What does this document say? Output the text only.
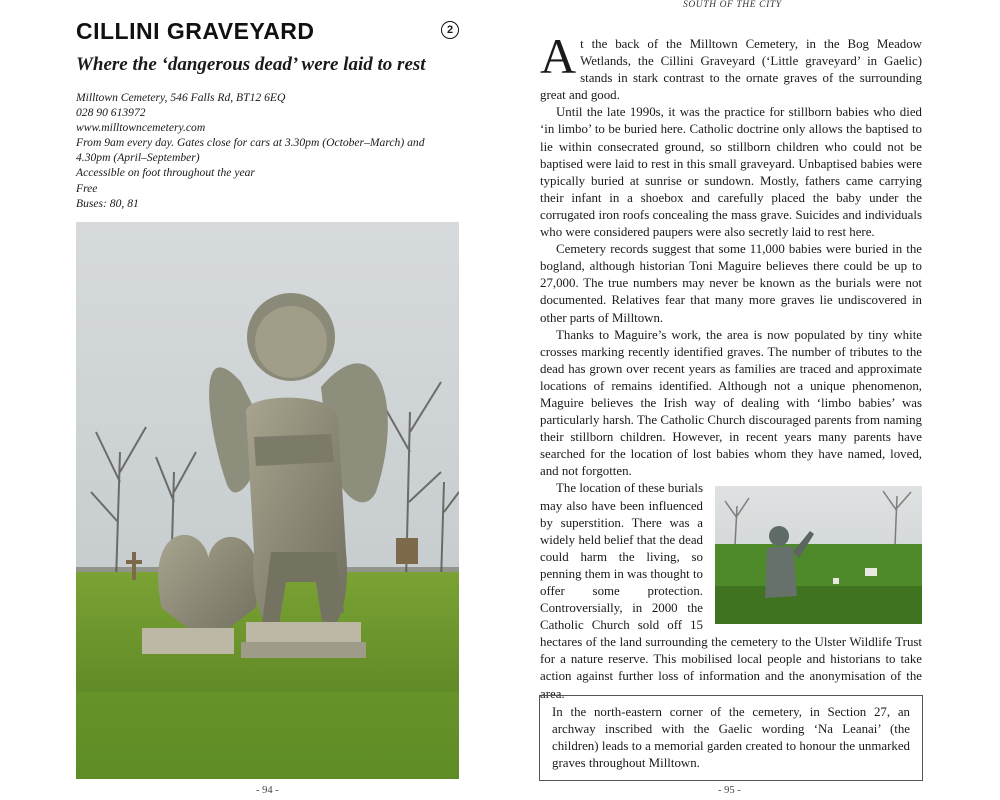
CILLINI GRAVEYARD	2
Where the ‘dangerous dead’ were laid to rest
Milltown Cemetery, 546 Falls Rd, BT12 6EQ
028 90 613972
www.milltowncemetery.com
From 9am every day. Gates close for cars at 3.30pm (October–March) and
4.30pm (April–September)
Accessible on foot throughout the year
Free
Buses: 80, 81
- 94 -
SOUTH OF THE CITY

At the back of the Milltown Cemetery, in the Bog Meadow Wetlands, the Cillini Graveyard (‘Little graveyard’ in Gaelic) stands in stark contrast to the ornate graves of the surrounding great and good.

Until the late 1990s, it was the practice for stillborn babies who died ‘in limbo’ to be buried here. Catholic doctrine only allows the baptised to lie within consecrated ground, so stillborn children who could not be baptised were laid to rest in this small graveyard. Unbaptised babies were typically buried at sunrise or sundown. Mostly, fathers came carrying their infant in a shoebox and carefully placed the baby under the corrugated iron roofs concealing the mass grave. Suicides and individuals who were considered paupers were also secretly laid to rest here.

Cemetery records suggest that some 11,000 babies were buried in the bogland, although historian Toni Maguire believes there could be up to 27,000. The true numbers may never be known as the burials were not documented. Relatives fear that many more graves lie undiscovered in other parts of Milltown.

Thanks to Maguire’s work, the area is now populated by tiny white crosses marking recently identified graves. The number of tributes to the dead has grown over recent years as families are traced and approximate locations of remains identified. Although not a unique phenomenon, Maguire believes the Irish way of dealing with ‘limbo babies’ was particularly harsh. The Catholic Church discouraged parents from naming their stillborn children. However, in recent years many parents have searched for the location of lost babies whom they have named, loved, and not forgotten.

The location of these burials may also have been influenced by superstition. There was a widely held belief that the dead could harm the living, so penning them in was thought to offer some protection. Controversially, in 2000 the Catholic Church sold off 15 hectares of the land surrounding the cemetery to the Ulster Wildlife Trust for a nature reserve. This mobilised local people and historians to take action against further loss of information and the anonymisation of the area.

In the north-eastern corner of the cemetery, in Section 27, an archway inscribed with the Gaelic wording ‘Na Leanai’ (the children) leads to a memorial garden created to honour the unmarked graves throughout Milltown.
- 95 -
